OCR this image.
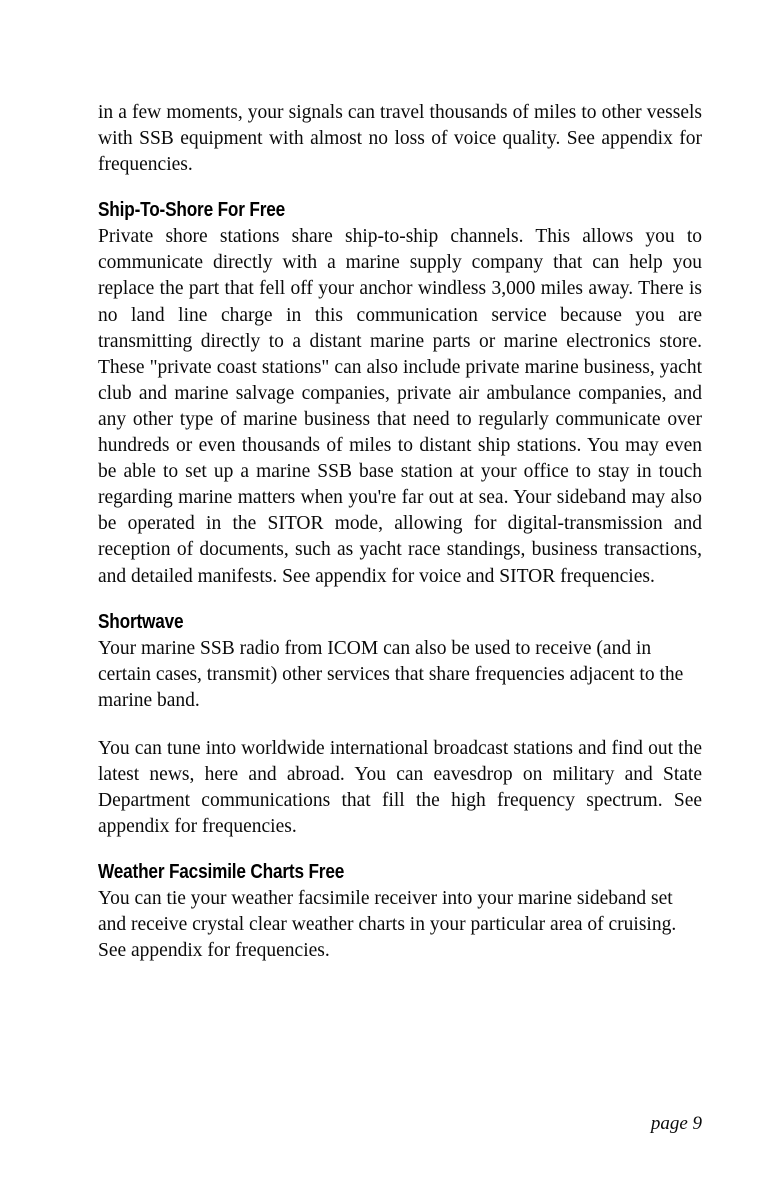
in a few moments, your signals can travel thousands of miles to other vessels with SSB equipment with almost no loss of voice quality. See appendix for frequencies.

Ship-To-Shore For Free

Private shore stations share ship-to-ship channels. This allows you to communicate directly with a marine supply company that can help you replace the part that fell off your anchor windless 3,000 miles away. There is no land line charge in this communication service because you are transmitting directly to a distant marine parts or marine electronics store. These "private coast stations" can also include private marine business, yacht club and marine salvage companies, private air ambulance companies, and any other type of marine business that need to regularly communicate over hundreds or even thousands of miles to distant ship stations. You may even be able to set up a marine SSB base station at your office to stay in touch regarding marine matters when you're far out at sea. Your sideband may also be operated in the SITOR mode, allowing for digital-transmission and reception of documents, such as yacht race standings, business transactions, and detailed manifests. See appendix for voice and SITOR frequencies.

Shortwave

Your marine SSB radio from ICOM can also be used to receive (and in certain cases, transmit) other services that share frequencies adjacent to the marine band.

You can tune into worldwide international broadcast stations and find out the latest news, here and abroad. You can eavesdrop on military and State Department communications that fill the high frequency spectrum. See appendix for frequencies.

Weather Facsimile Charts Free

You can tie your weather facsimile receiver into your marine sideband set and receive crystal clear weather charts in your particular area of cruising. See appendix for frequencies.

page 9
